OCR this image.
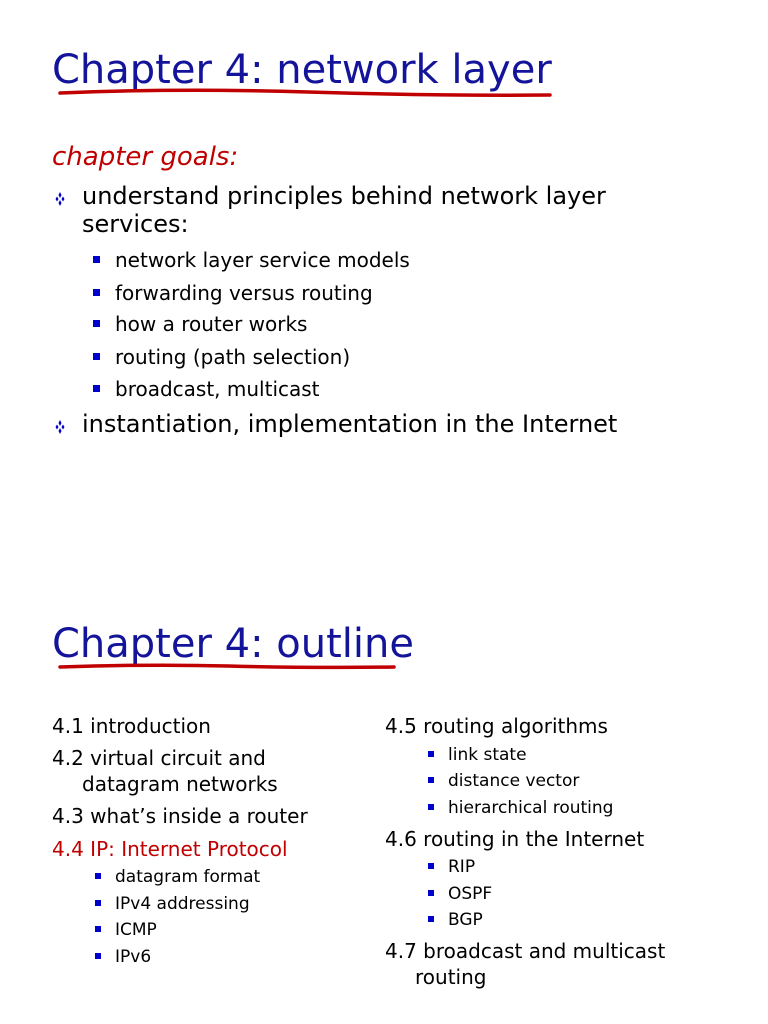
Chapter 4: network layer
chapter goals:
understand principles behind network layer
services:
network layer service models
forwarding versus routing
how a router works
routing (path selection)
broadcast, multicast
instantiation, implementation in the Internet
Chapter 4: outline
4.1 introduction
4.2 virtual circuit and
datagram networks
4.3 what’s inside a router
4.4 IP: Internet Protocol
datagram format
IPv4 addressing
ICMP
IPv6
4.5 routing algorithms
link state
distance vector
hierarchical routing
4.6 routing in the Internet
RIP
OSPF
BGP
4.7 broadcast and multicast
routing
